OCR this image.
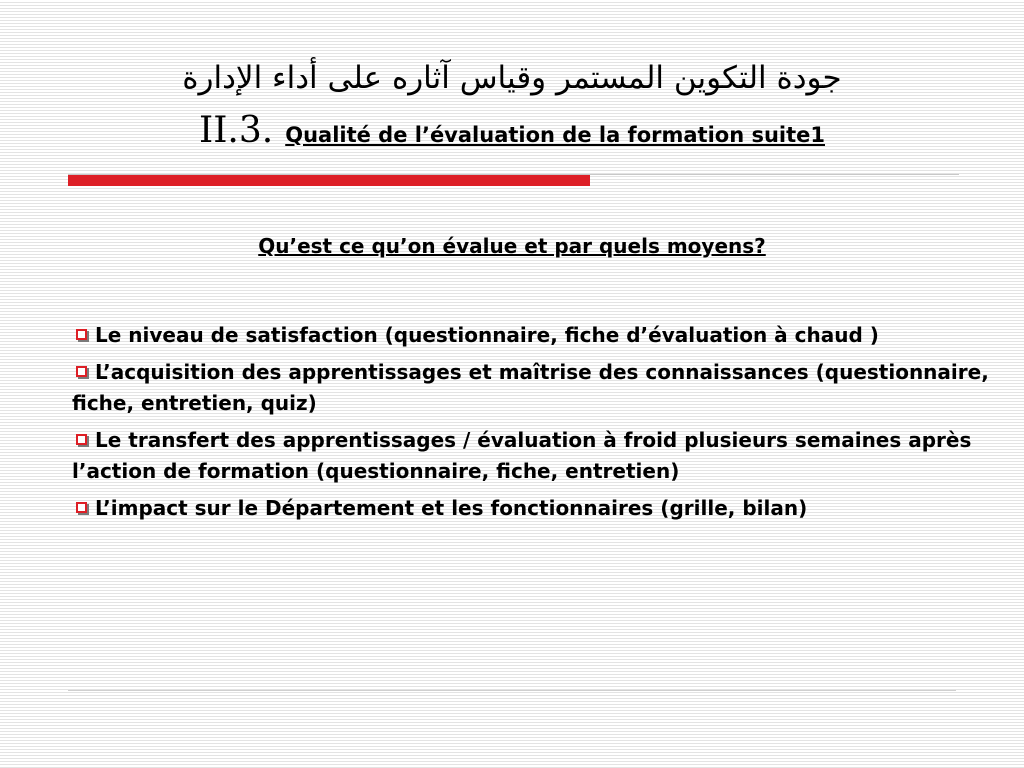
جودة التكوين المستمر وقياس آثاره على أداء الإدارة
II.3. Qualité de l’évaluation de la formation suite1
Qu’est ce qu’on évalue et par quels moyens?
Le niveau de satisfaction (questionnaire, fiche d’évaluation à chaud )
L’acquisition des apprentissages et maîtrise des connaissances (questionnaire, fiche, entretien, quiz)
Le transfert des apprentissages / évaluation à froid plusieurs semaines après l’action de formation (questionnaire, fiche, entretien)
L’impact sur le Département et les fonctionnaires (grille, bilan)
